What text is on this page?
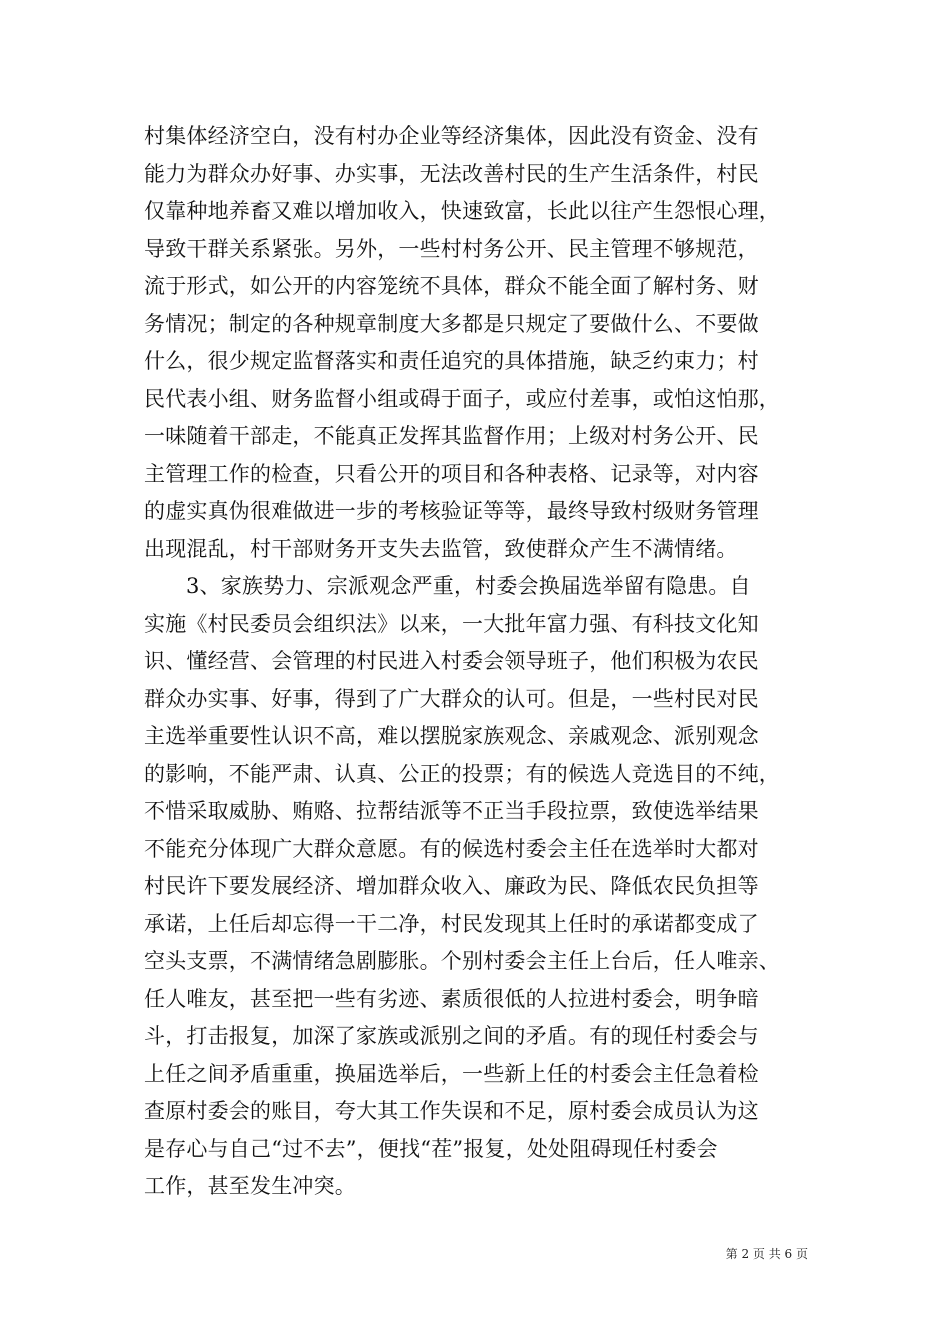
村集体经济空白，没有村办企业等经济集体，因此没有资金、没有
能力为群众办好事、办实事，无法改善村民的生产生活条件，村民
仅靠种地养畜又难以增加收入，快速致富，长此以往产生怨恨心理，
导致干群关系紧张。另外，一些村村务公开、民主管理不够规范，
流于形式，如公开的内容笼统不具体，群众不能全面了解村务、财
务情况；制定的各种规章制度大多都是只规定了要做什么、不要做
什么，很少规定监督落实和责任追究的具体措施，缺乏约束力；村
民代表小组、财务监督小组或碍于面子，或应付差事，或怕这怕那，
一味随着干部走，不能真正发挥其监督作用；上级对村务公开、民
主管理工作的检查，只看公开的项目和各种表格、记录等，对内容
的虚实真伪很难做进一步的考核验证等等，最终导致村级财务管理
出现混乱，村干部财务开支失去监管，致使群众产生不满情绪。
3、家族势力、宗派观念严重，村委会换届选举留有隐患。自
实施《村民委员会组织法》以来，一大批年富力强、有科技文化知
识、懂经营、会管理的村民进入村委会领导班子，他们积极为农民
群众办实事、好事，得到了广大群众的认可。但是，一些村民对民
主选举重要性认识不高，难以摆脱家族观念、亲戚观念、派别观念
的影响，不能严肃、认真、公正的投票；有的候选人竞选目的不纯，
不惜采取威胁、贿赂、拉帮结派等不正当手段拉票，致使选举结果
不能充分体现广大群众意愿。有的候选村委会主任在选举时大都对
村民许下要发展经济、增加群众收入、廉政为民、降低农民负担等
承诺，上任后却忘得一干二净，村民发现其上任时的承诺都变成了
空头支票，不满情绪急剧膨胀。个别村委会主任上台后，任人唯亲、
任人唯友，甚至把一些有劣迹、素质很低的人拉进村委会，明争暗
斗，打击报复，加深了家族或派别之间的矛盾。有的现任村委会与
上任之间矛盾重重，换届选举后，一些新上任的村委会主任急着检
查原村委会的账目，夸大其工作失误和不足，原村委会成员认为这
是存心与自己“过不去”，便找“茬”报复，处处阻碍现任村委会
工作，甚至发生冲突。
第 2 页 共 6 页
